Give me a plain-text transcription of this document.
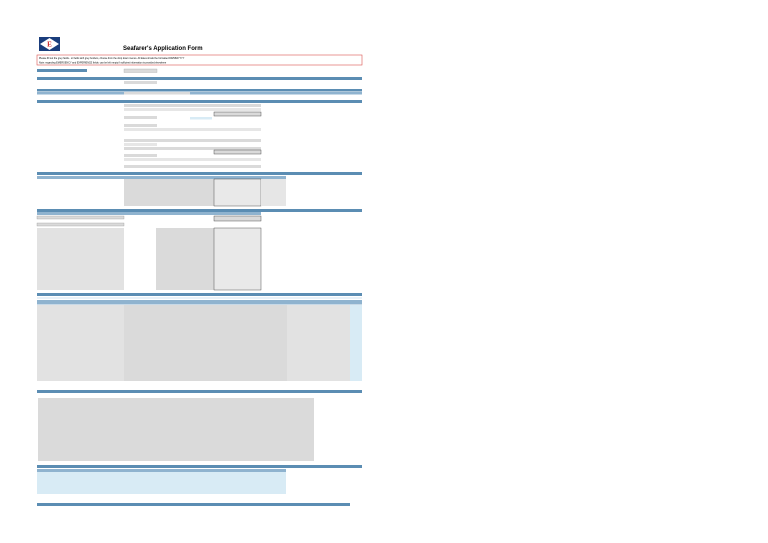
E
Seafarer's Application Form
Please fill out the grey fields - or fields with grey borders, choose from the drop down menus. All dates should be formatted DD/MM/YYYY
Note: regarding EMERGENCY and EXPERIENCE fields: can be left empty if sufficient information is provided elsewhere
